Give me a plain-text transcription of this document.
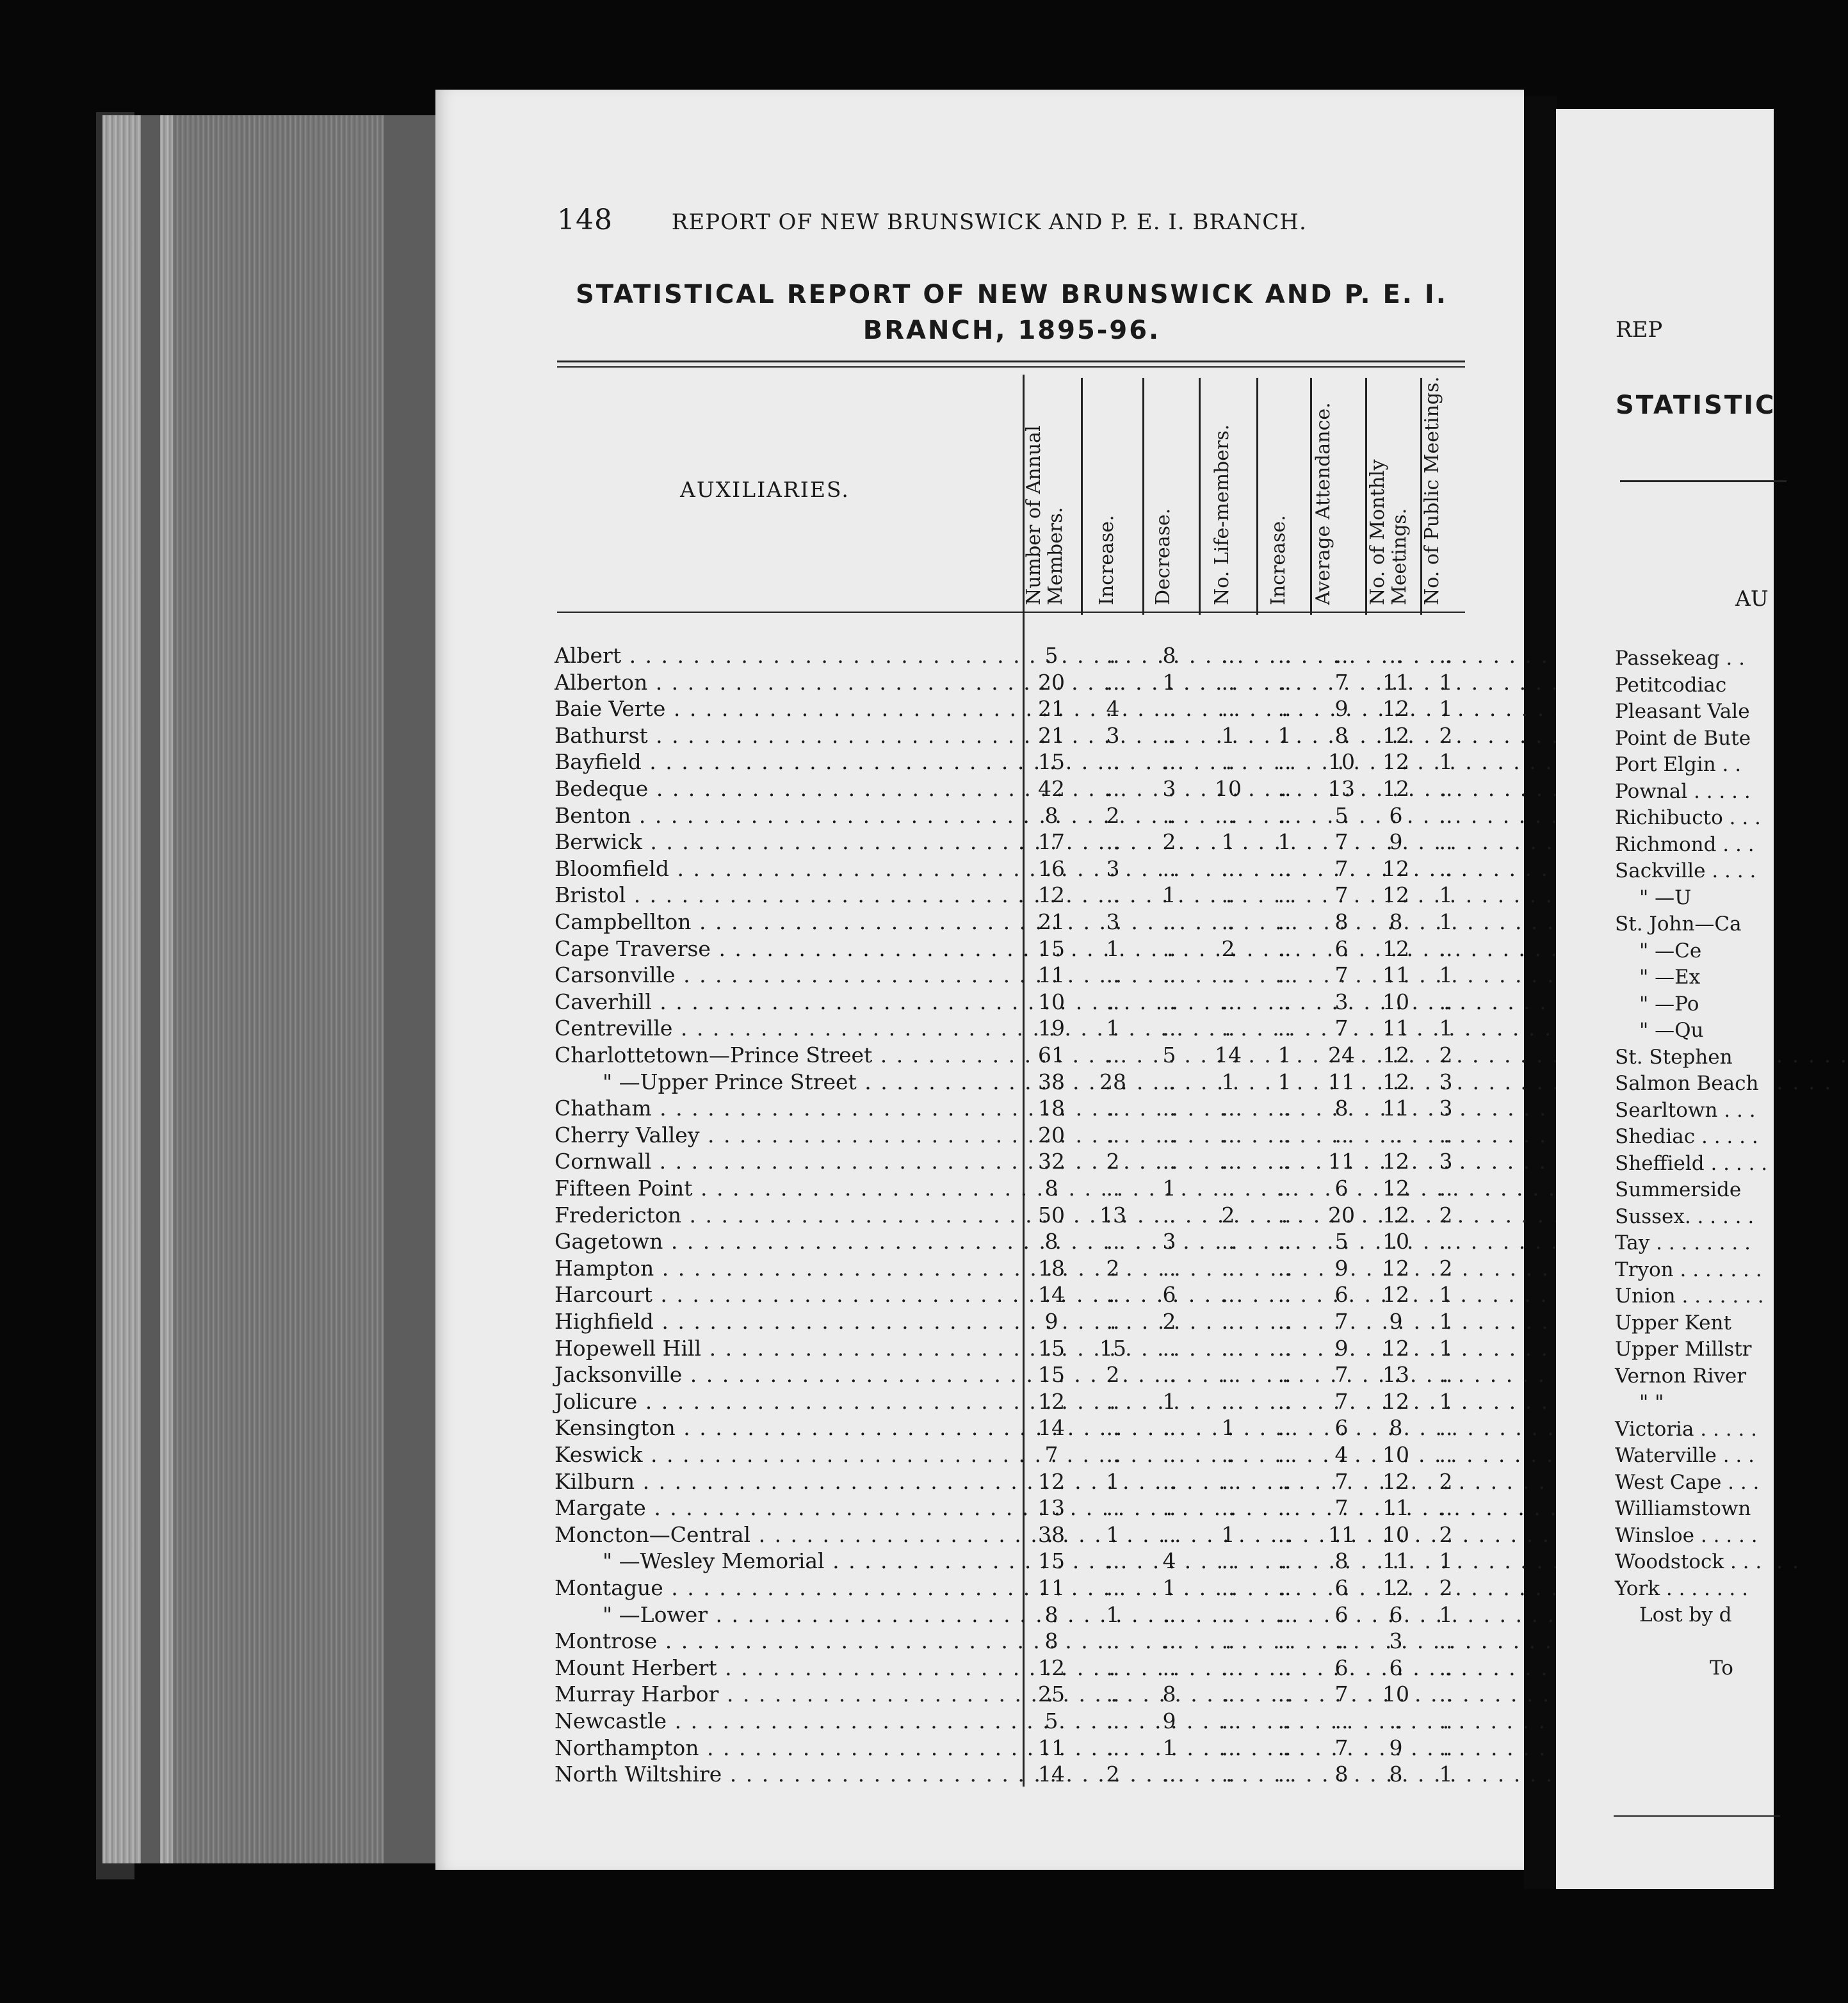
148	REPORT OF NEW BRUNSWICK AND P. E. I. BRANCH.
STATISTICAL REPORT OF NEW BRUNSWICK AND P. E. I.
BRANCH, 1895-96.
AUXILIARIES.	Number of Annual Members. Increase. Decrease. No. Life-members. Increase. Average Attendance. No. of Monthly Meetings. No. of Public Meetings.
Albert . . .	5	..	8	..	..	..	..	..
Alberton . . .	20	..	1	..	..	7	11	1
Baie Verte . . .	21	4	..	..	..	9	12	1
Bathurst . . .	21	3	..	1	1	8	12	2
Bayfield . . .	15	..	..	..	..	10	12	1
Bedeque . . .	42	..	3	10	..	13	12	..
Benton . . .	8	2	..	..	..	5	6	..
Berwick . . .	17	..	2	1	1	7	9	..
Bloomfield . . .	16	3	..	..	..	7	12	..
Bristol . . .	12	..	1	..	..	7	12	1
Campbellton . . .	21	3	..	..	..	8	8	1
Cape Traverse . . .	15	1	..	2	..	6	12	..
Carsonville . . .	11	..	..	..	..	7	11	1
Caverhill . . .	10	..	..	..	..	3	10	..
Centreville . . .	19	1	..	..	..	7	11	1
Charlottetown—Prince Street . . .	61	..	5	14	1	24	12	2
" —Upper Prince Street . . .	38	28	..	1	1	11	12	3
Chatham . . .	18	..	..	..	..	8	11	3
Cherry Valley . . .	20	..	..	..	..	..	..	..
Cornwall . . .	32	2	..	..	..	11	12	3
Fifteen Point . . .	8	..	1	..	..	6	12	..
Fredericton . . .	50	13	..	2	..	20	12	2
Gagetown . . .	8	..	3	..	..	5	10	..
Hampton . . .	18	2	..	..	..	9	12	2
Harcourt . . .	14	..	6	..	..	6	12	1
Highfield . . .	9	..	2	..	..	7	9	1
Hopewell Hill . . .	15	15	..	..	..	9	12	1
Jacksonville . . .	15	2	..	..	..	7	13	..
Jolicure . . .	12	..	1	..	..	7	12	1
Kensington . . .	14	..	..	1	..	6	8	..
Keswick . . .	7	..	..	..	..	4	10	..
Kilburn . . .	12	1	..	..	..	7	12	2
Margate . . .	13	..	..	..	..	7	11	..
Moncton—Central . . .	38	1	..	1	..	11	10	2
" —Wesley Memorial . . .	15	..	4	..	..	8	11	1
Montague . . .	11	..	1	..	..	6	12	2
" —Lower . . .	8	1	..	..	..	6	6	1
Montrose . . .	8	..	..	..	..	..	3	..
Mount Herbert . . .	12	..	..	..	..	6	6	..
Murray Harbor . . .	25	..	8	..	..	7	10	..
Newcastle . . .	5	..	9	..	..	..	..	..
Northampton . . .	11	..	1	..	..	7	9	..
North Wiltshire . . .	14	2	..	..	..	8	8	1
REP
STATISTIC
AU
Passekeag . .
Petitcodiac
Pleasant Vale
Point de Bute
Port Elgin . .
Pownal . . . . .
Richibucto . . .
Richmond . . .
Sackville . . . .
" —U
St. John—Ca
" —Ce
" —Ex
" —Po
" —Qu
St. Stephen
Salmon Beach
Searltown . . .
Shediac . . . . .
Sheffield . . . . .
Summerside
Sussex. . . . . .
Tay . . . . . . . .
Tryon . . . . . . .
Union . . . . . . .
Upper Kent
Upper Millstr
Vernon River
" "
Victoria . . . . .
Waterville . . .
West Cape . . .
Williamstown
Winsloe . . . . .
Woodstock . . .
York . . . . . . .
Lost by d
To
